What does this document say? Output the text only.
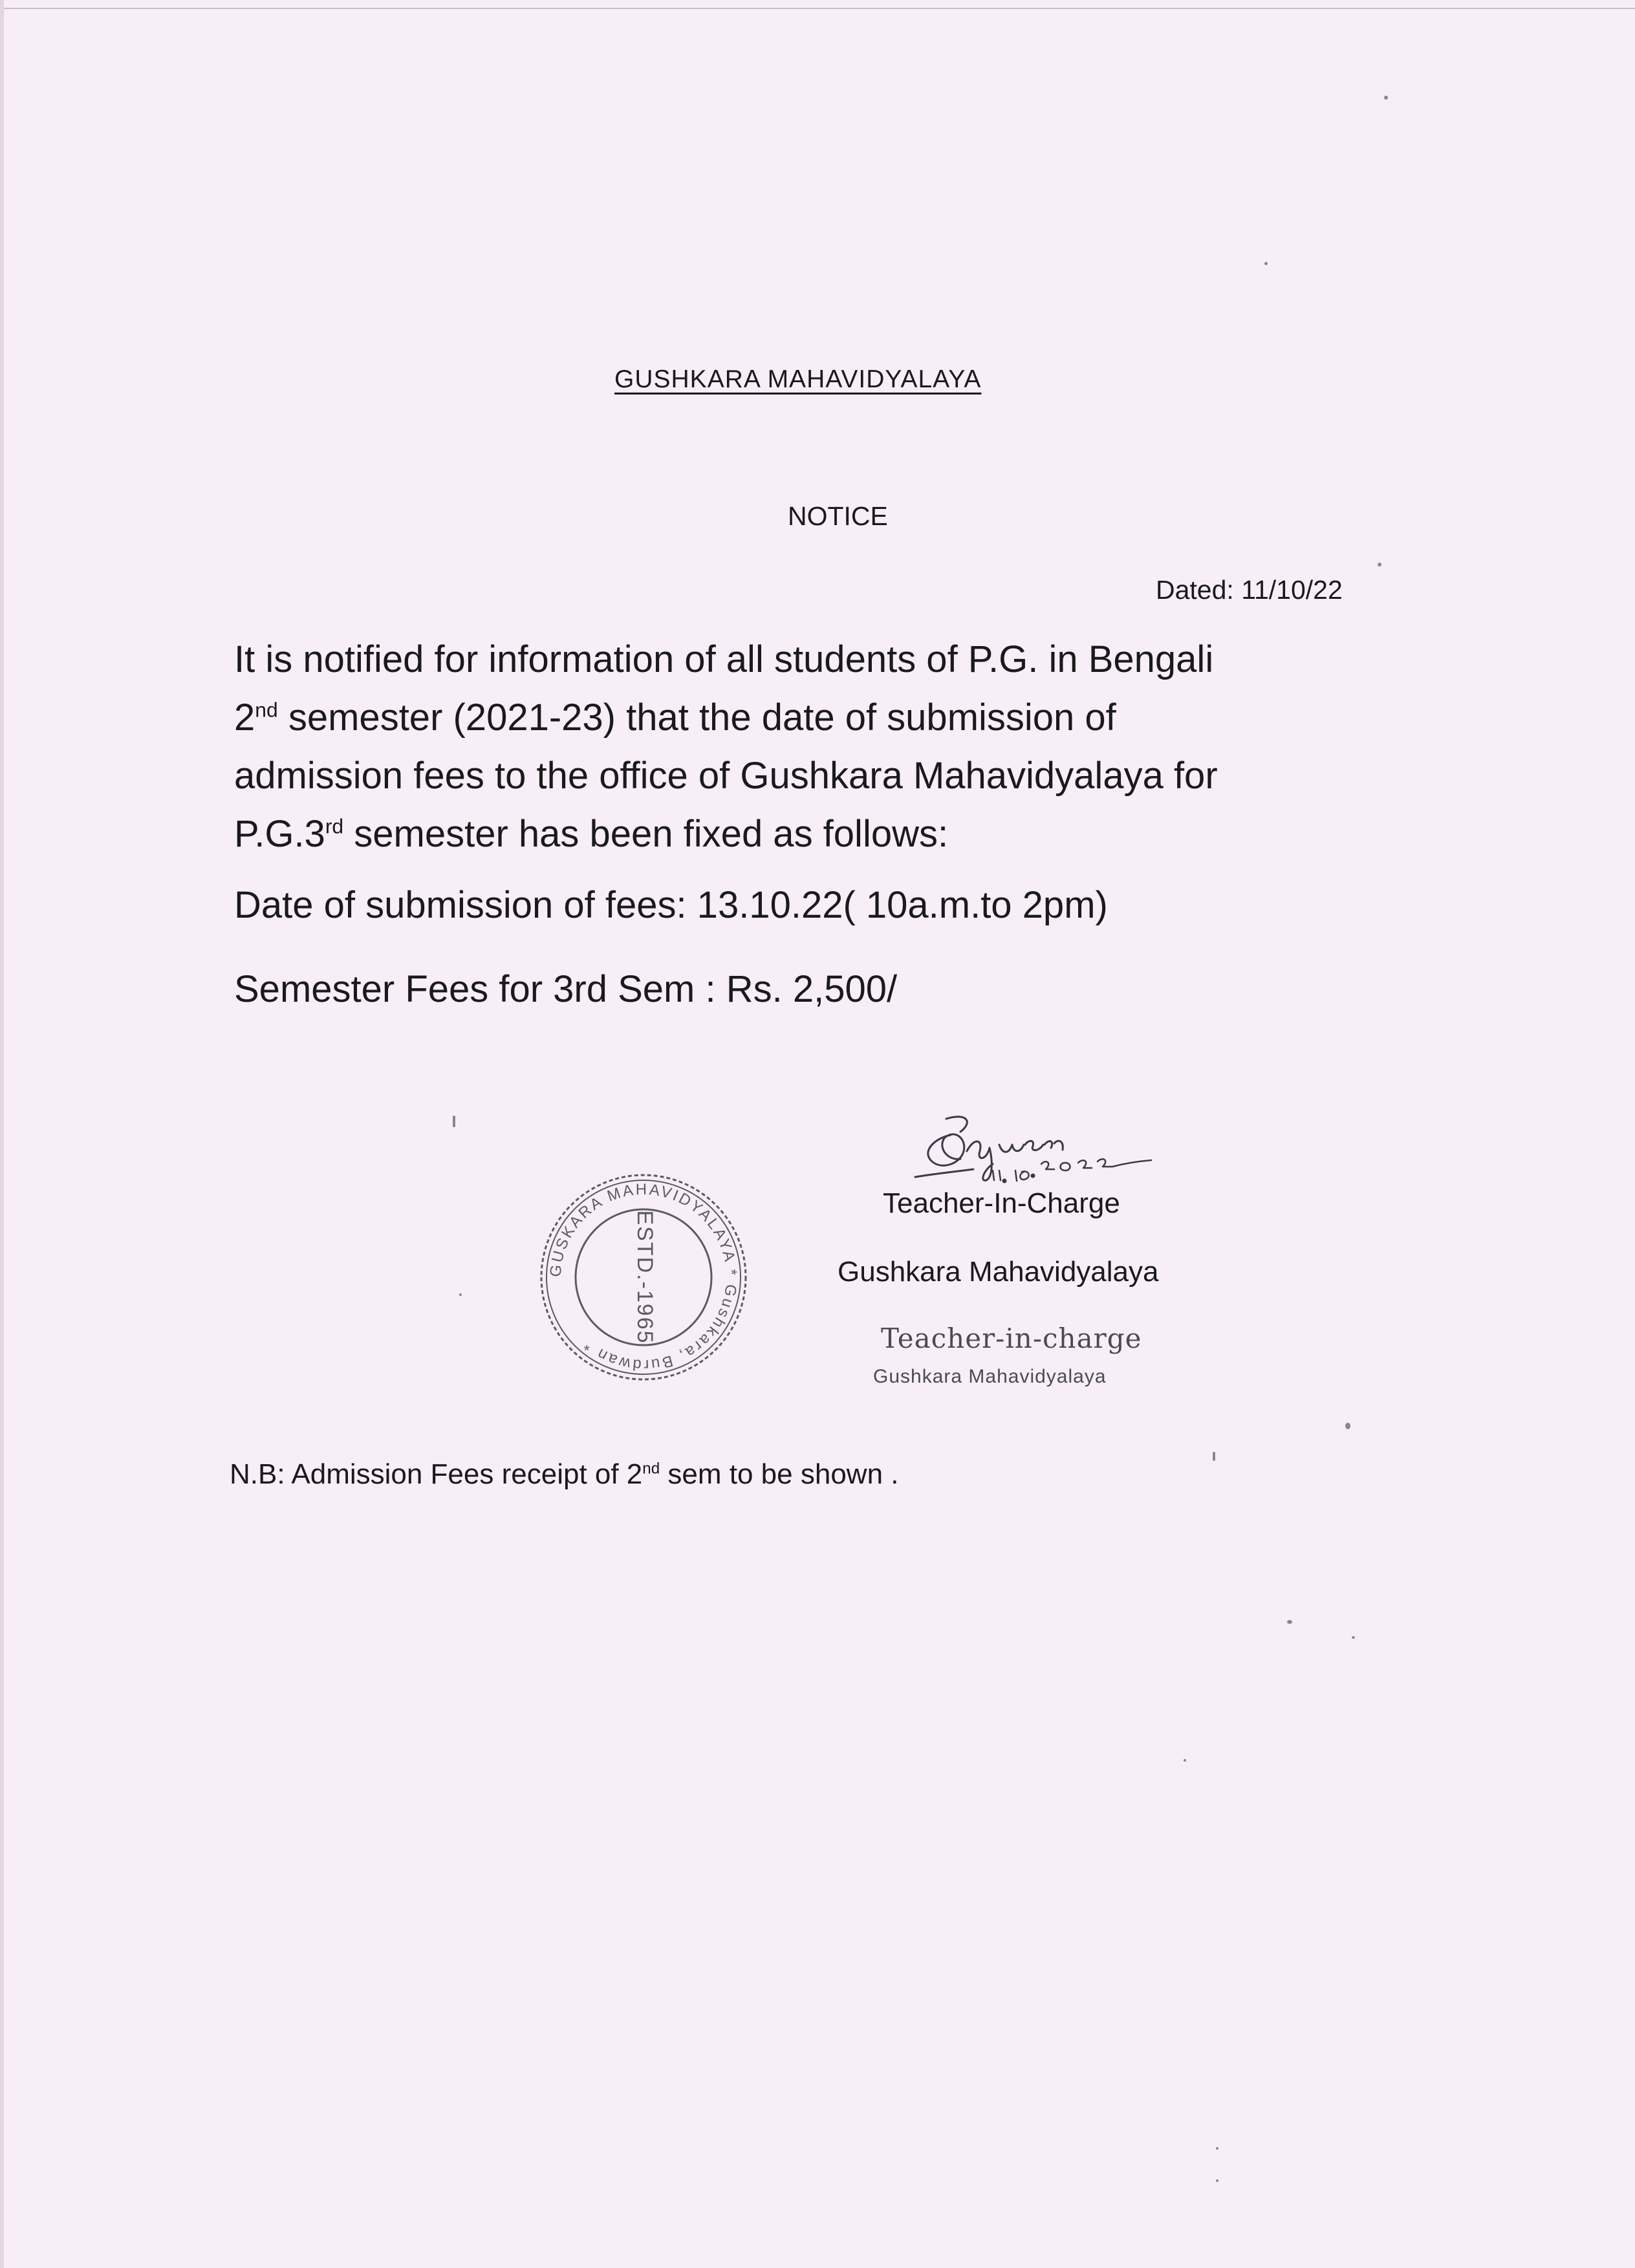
GUSHKARA MAHAVIDYALAYA
NOTICE
Dated: 11/10/22
It is notified for information of all students of P.G. in Bengali
2nd semester (2021-23) that the date of submission of
admission fees to the office of Gushkara Mahavidyalaya for
P.G.3rd semester has been fixed as follows:
Date of submission of fees: 13.10.22( 10a.m.to 2pm)
Semester Fees for 3rd Sem : Rs. 2,500/
Teacher-In-Charge
Gushkara Mahavidyalaya
Teacher-in-charge
Gushkara Mahavidyalaya
GUSKARA MAHAVIDYALAYA * Gushkara, Burdwan *
ESTD.-1965
N.B: Admission Fees receipt of 2nd sem to be shown .
